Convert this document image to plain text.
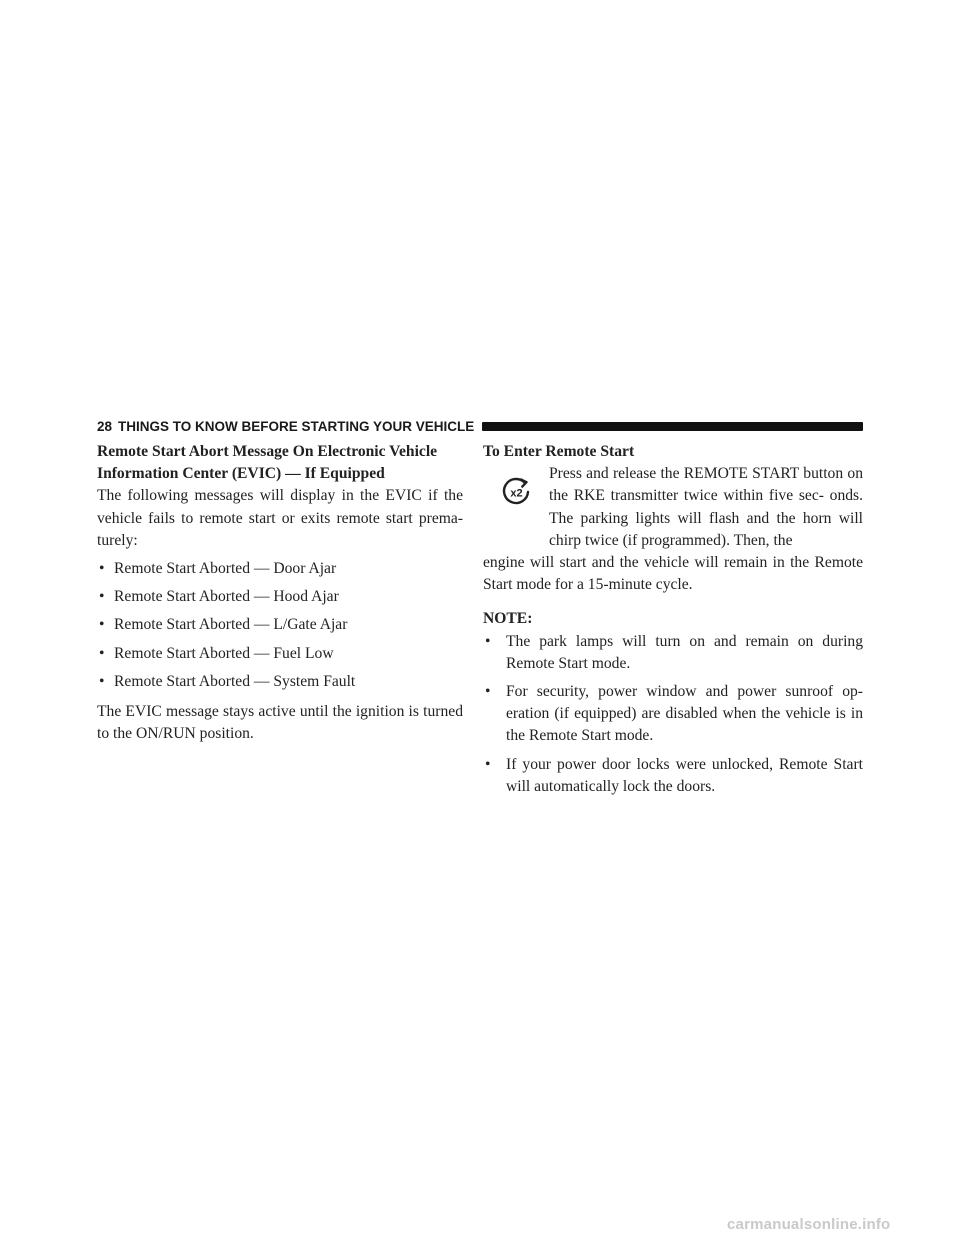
28 THINGS TO KNOW BEFORE STARTING YOUR VEHICLE
Remote Start Abort Message On Electronic Vehicle
Information Center (EVIC) — If Equipped

The following messages will display in the EVIC if the vehicle fails to remote start or exits remote start prema- turely:

• Remote Start Aborted — Door Ajar
• Remote Start Aborted — Hood Ajar
• Remote Start Aborted — L/Gate Ajar
• Remote Start Aborted — Fuel Low
• Remote Start Aborted — System Fault

The EVIC message stays active until the ignition is turned to the ON/RUN position.

To Enter Remote Start
x2

Press and release the REMOTE START button on the RKE transmitter twice within five sec- onds. The parking lights will flash and the horn will chirp twice (if programmed). Then, the

engine will start and the vehicle will remain in the Remote Start mode for a 15-minute cycle.

NOTE:
• The park lamps will turn on and remain on during Remote Start mode.
• For security, power window and power sunroof op- eration (if equipped) are disabled when the vehicle is in the Remote Start mode.
• If your power door locks were unlocked, Remote Start will automatically lock the doors.
carmanualsonline.info
